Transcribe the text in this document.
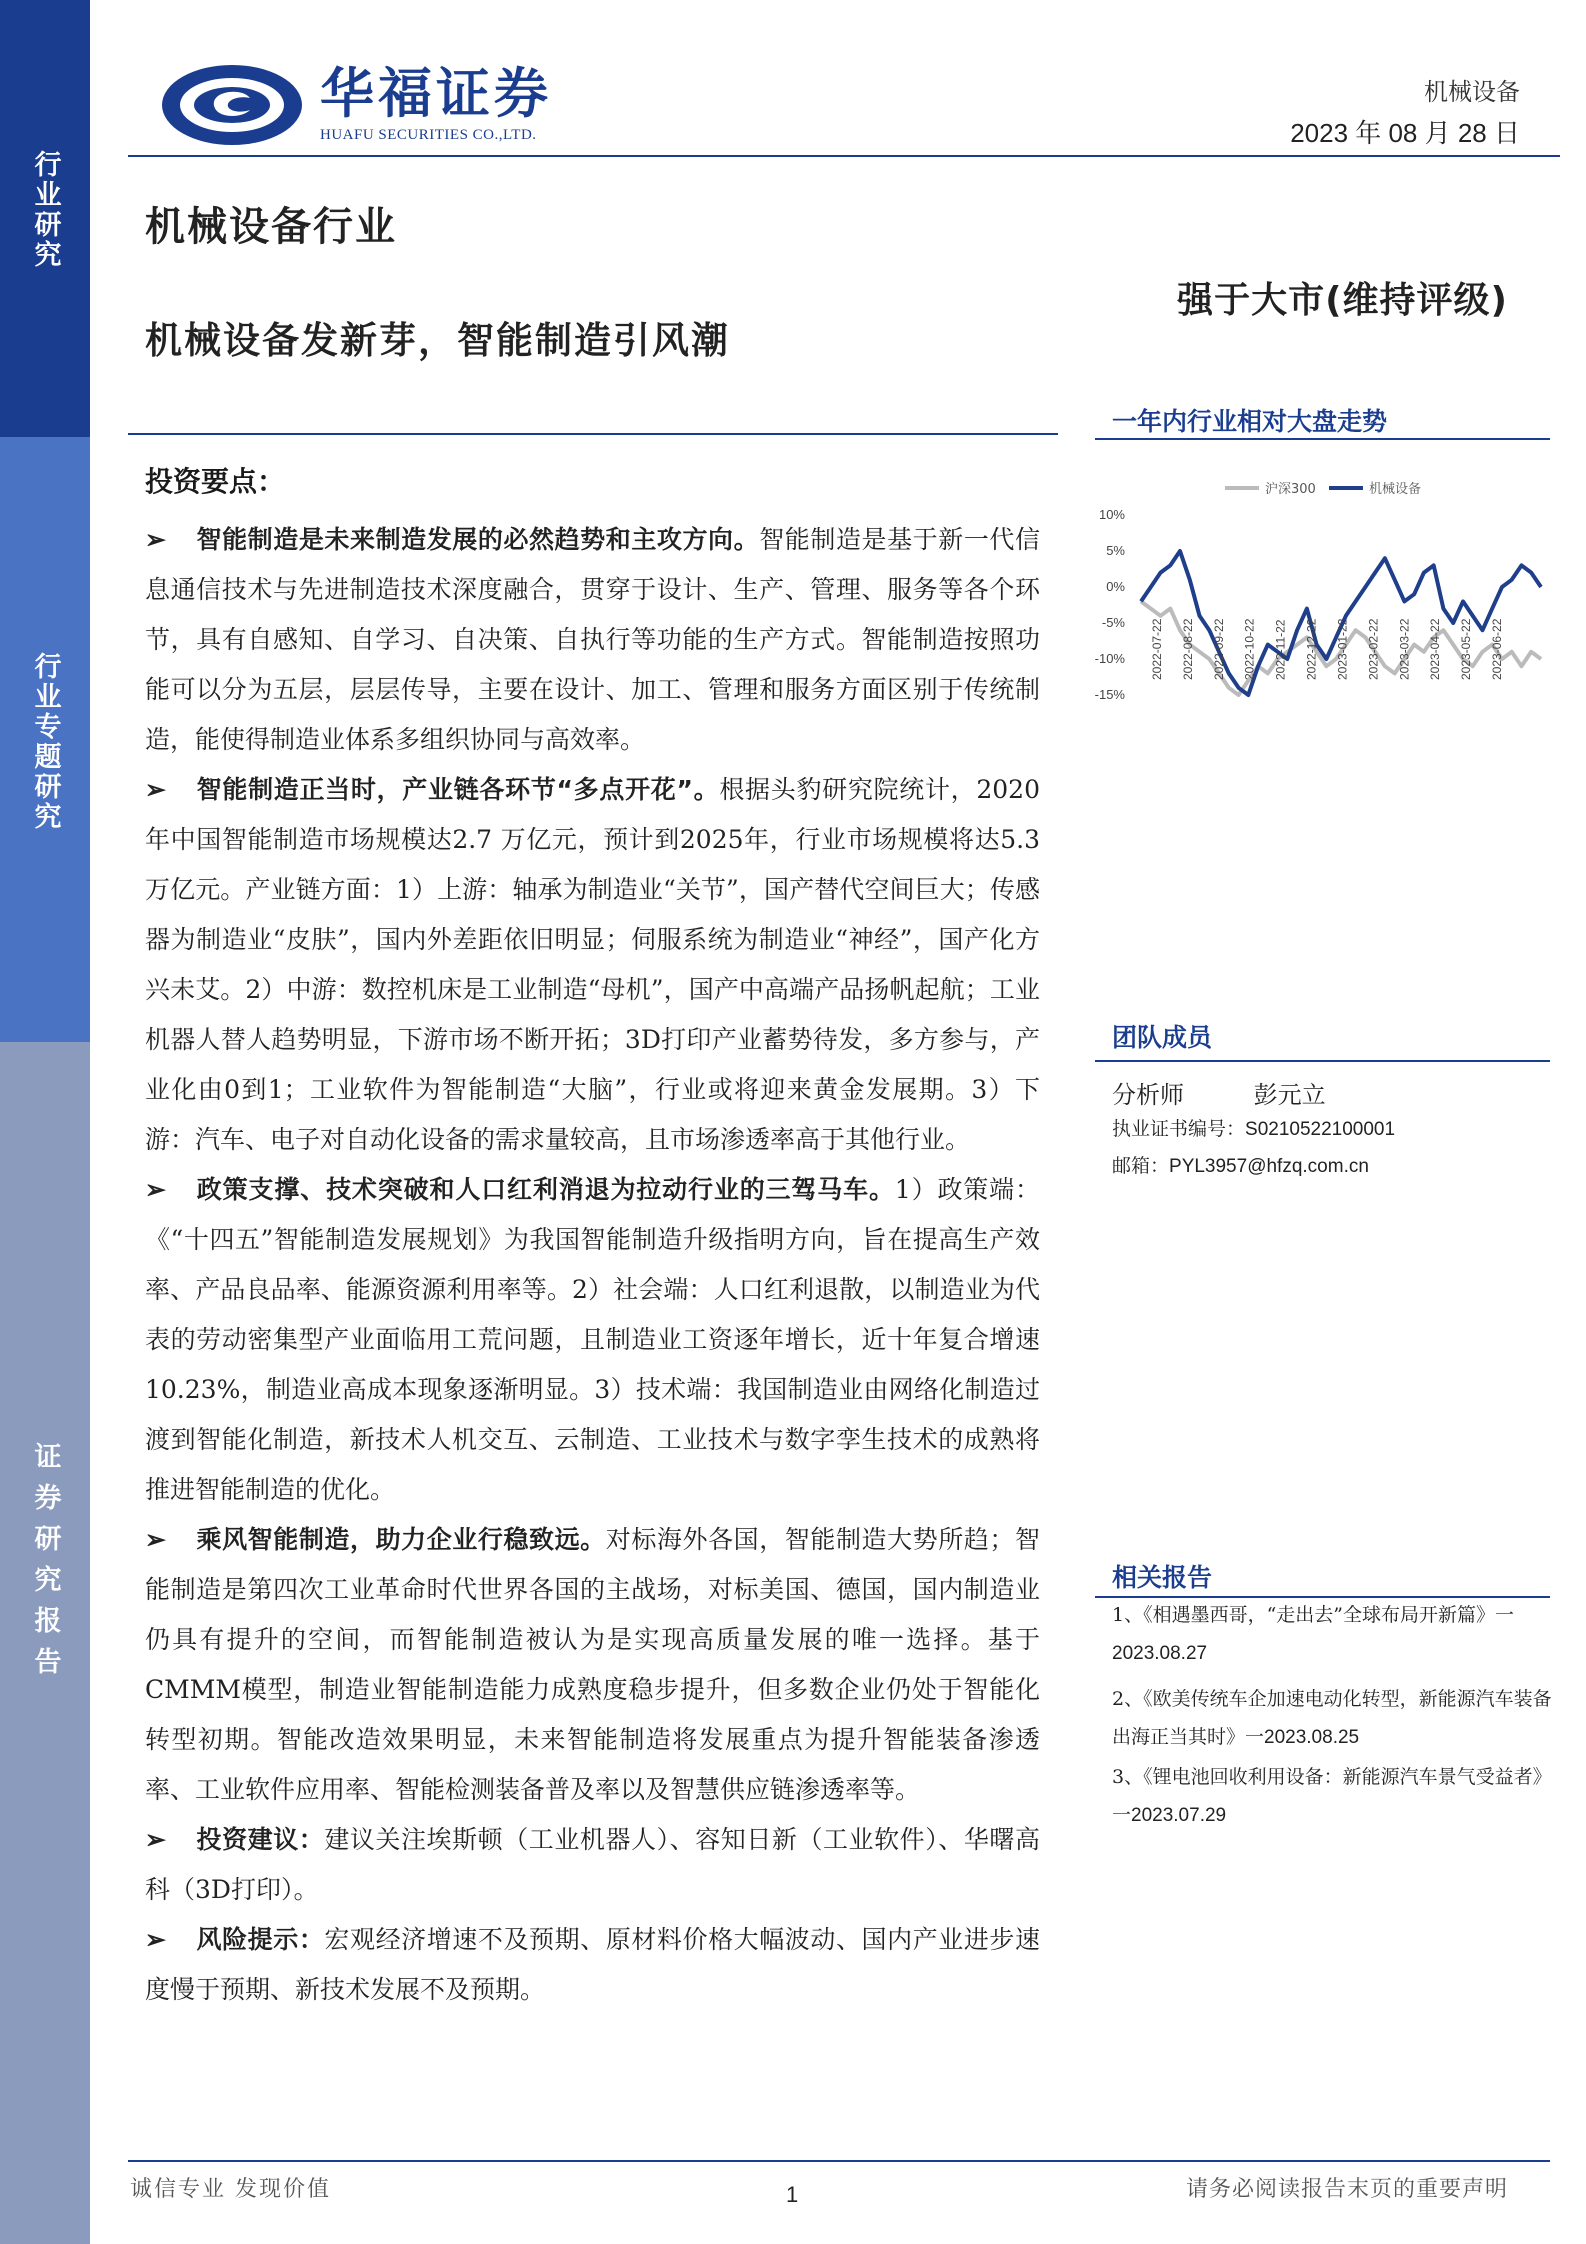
行业研究
行业专题研究
证券研究报告
华福证券
HUAFU SECURITIES CO.,LTD.
机械设备
2023 年 08 月 28 日
机械设备行业
机械设备发新芽，智能制造引风潮
强于大市(维持评级)
投资要点：

➢ 智能制造是未来制造发展的必然趋势和主攻方向。智能制造是基于新一代信息通信技术与先进制造技术深度融合，贯穿于设计、生产、管理、服务等各个环节，具有自感知、自学习、自决策、自执行等功能的生产方式。智能制造按照功能可以分为五层，层层传导，主要在设计、加工、管理和服务方面区别于传统制造，能使得制造业体系多组织协同与高效率。

➢ 智能制造正当时，产业链各环节“多点开花”。根据头豹研究院统计，2020年中国智能制造市场规模达2.7 万亿元，预计到2025年，行业市场规模将达5.3 万亿元。产业链方面：1）上游：轴承为制造业“关节”，国产替代空间巨大；传感器为制造业“皮肤”，国内外差距依旧明显；伺服系统为制造业“神经”，国产化方兴未艾。2）中游：数控机床是工业制造“母机”，国产中高端产品扬帆起航；工业机器人替人趋势明显，下游市场不断开拓；3D打印产业蓄势待发，多方参与，产业化由0到1；工业软件为智能制造“大脑”，行业或将迎来黄金发展期。3）下游：汽车、电子对自动化设备的需求量较高，且市场渗透率高于其他行业。

➢ 政策支撑、技术突破和人口红利消退为拉动行业的三驾马车。1）政策端：《“十四五”智能制造发展规划》为我国智能制造升级指明方向，旨在提高生产效率、产品良品率、能源资源利用率等。2）社会端：人口红利退散，以制造业为代表的劳动密集型产业面临用工荒问题，且制造业工资逐年增长，近十年复合增速10.23%，制造业高成本现象逐渐明显。3）技术端：我国制造业由网络化制造过渡到智能化制造，新技术人机交互、云制造、工业技术与数字孪生技术的成熟将推进智能制造的优化。

➢ 乘风智能制造，助力企业行稳致远。对标海外各国，智能制造大势所趋；智能制造是第四次工业革命时代世界各国的主战场，对标美国、德国，国内制造业仍具有提升的空间，而智能制造被认为是实现高质量发展的唯一选择。基于CMMM模型，制造业智能制造能力成熟度稳步提升，但多数企业仍处于智能化转型初期。智能改造效果明显，未来智能制造将发展重点为提升智能装备渗透率、工业软件应用率、智能检测装备普及率以及智慧供应链渗透率等。

➢ 投资建议：建议关注埃斯顿（工业机器人）、容知日新（工业软件）、华曙高科（3D打印）。

➢ 风险提示：宏观经济增速不及预期、原材料价格大幅波动、国内产业进步速度慢于预期、新技术发展不及预期。

一年内行业相对大盘走势
沪深300	机械设备
10%
5%
0%
-5%
-10%
-15%
2022-07-22 2022-08-22 2022-09-22 2022-10-22 2022-11-22 2022-12-22 2023-01-22 2023-02-22 2023-03-22 2023-04-22 2023-05-22 2023-06-22
团队成员
分析师	彭元立
执业证书编号：S0210522100001
邮箱：PYL3957@hfzq.com.cn
相关报告
1、《相遇墨西哥，“走出去”全球布局开新篇》一
2023.08.27
2、《欧美传统车企加速电动化转型，新能源汽车装备出海正当其时》一2023.08.25
3、《锂电池回收利用设备：新能源汽车景气受益者》一2023.07.29
诚信专业 发现价值	1	请务必阅读报告末页的重要声明
